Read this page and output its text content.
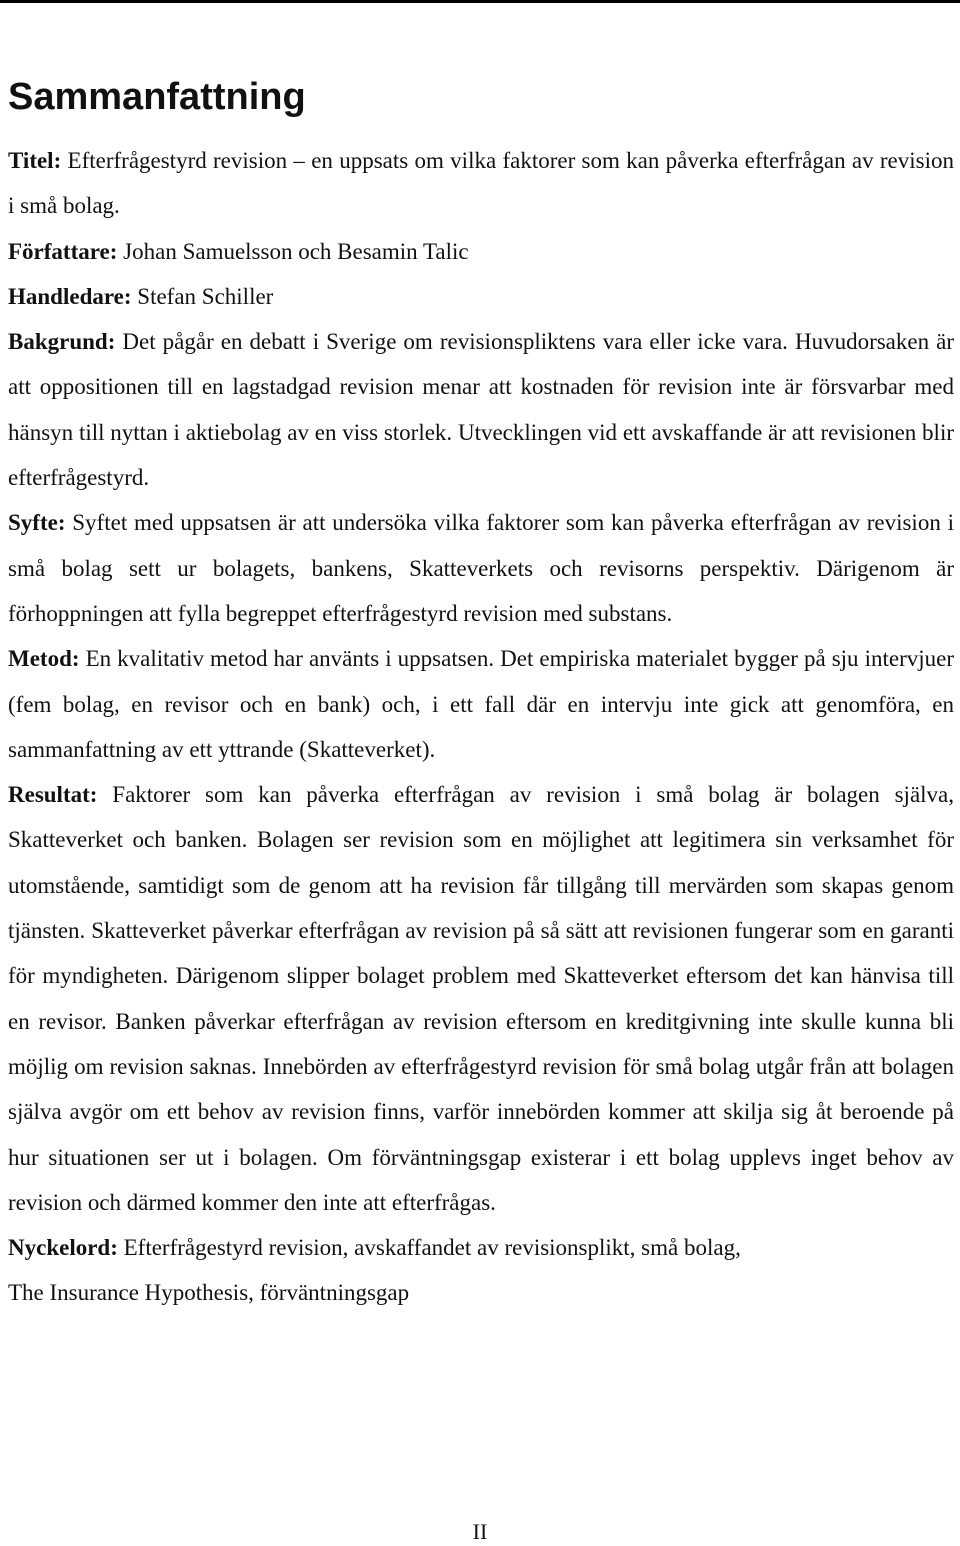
Sammanfattning

Titel: Efterfrågestyrd revision – en uppsats om vilka faktorer som kan påverka efterfrågan av revision i små bolag.

Författare: Johan Samuelsson och Besamin Talic

Handledare: Stefan Schiller

Bakgrund: Det pågår en debatt i Sverige om revisionspliktens vara eller icke vara. Huvudorsaken är att oppositionen till en lagstadgad revision menar att kostnaden för revision inte är försvarbar med hänsyn till nyttan i aktiebolag av en viss storlek. Utvecklingen vid ett avskaffande är att revisionen blir efterfrågestyrd.

Syfte: Syftet med uppsatsen är att undersöka vilka faktorer som kan påverka efterfrågan av revision i små bolag sett ur bolagets, bankens, Skatteverkets och revisorns perspektiv. Därigenom är förhoppningen att fylla begreppet efterfrågestyrd revision med substans.

Metod: En kvalitativ metod har använts i uppsatsen. Det empiriska materialet bygger på sju intervjuer (fem bolag, en revisor och en bank) och, i ett fall där en intervju inte gick att genomföra, en sammanfattning av ett yttrande (Skatteverket).

Resultat: Faktorer som kan påverka efterfrågan av revision i små bolag är bolagen själva, Skatteverket och banken. Bolagen ser revision som en möjlighet att legitimera sin verksamhet för utomstående, samtidigt som de genom att ha revision får tillgång till mervärden som skapas genom tjänsten. Skatteverket påverkar efterfrågan av revision på så sätt att revisionen fungerar som en garanti för myndigheten. Därigenom slipper bolaget problem med Skatteverket eftersom det kan hänvisa till en revisor. Banken påverkar efterfrågan av revision eftersom en kreditgivning inte skulle kunna bli möjlig om revision saknas. Innebörden av efterfrågestyrd revision för små bolag utgår från att bolagen själva avgör om ett behov av revision finns, varför innebörden kommer att skilja sig åt beroende på hur situationen ser ut i bolagen. Om förväntningsgap existerar i ett bolag upplevs inget behov av revision och därmed kommer den inte att efterfrågas.

Nyckelord: Efterfrågestyrd revision, avskaffandet av revisionsplikt, små bolag,
The Insurance Hypothesis, förväntningsgap

II
